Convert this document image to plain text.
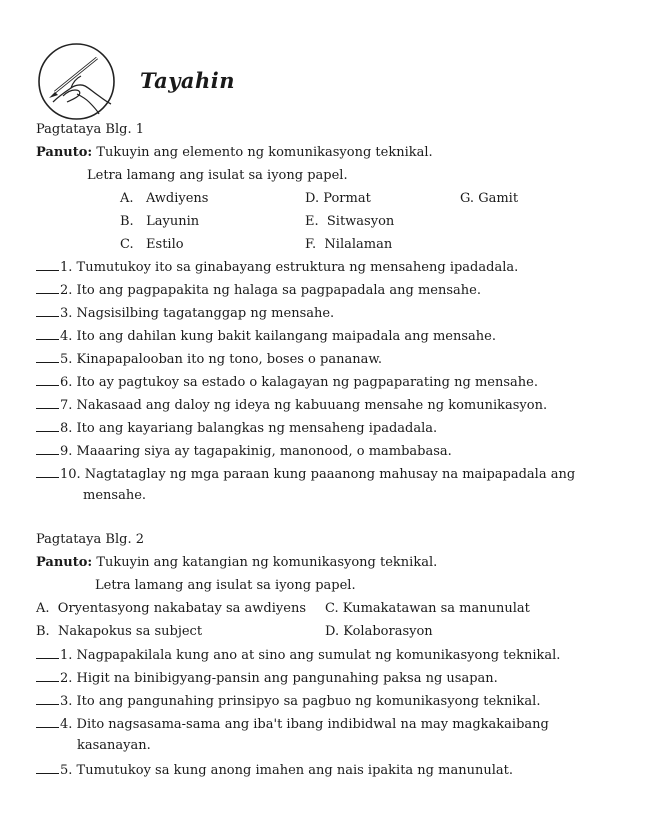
Tayahin
Pagtataya Blg. 1
Panuto: Tukuyin ang elemento ng komunikasyong teknikal.
Letra lamang ang isulat sa iyong papel.
A. Awdiyens
B. Layunin
C. Estilo
D. Pormat
E. Sitwasyon
F. Nilalaman
G. Gamit
1. Tumutukoy ito sa ginabayang estruktura ng mensaheng ipadadala.
2. Ito ang pagpapakita ng halaga sa pagpapadala ang mensahe.
3. Nagsisilbing tagatanggap ng mensahe.
4. Ito ang dahilan kung bakit kailangang maipadala ang mensahe.
5. Kinapapalooban ito ng tono, boses o pananaw.
6. Ito ay pagtukoy sa estado o kalagayan ng pagpaparating ng mensahe.
7. Nakasaad ang daloy ng ideya ng kabuuang mensahe ng komunikasyon.
8. Ito ang kayariang balangkas ng mensaheng ipadadala.
9. Maaaring siya ay tagapakinig, manonood, o mambabasa.
10. Nagtataglay ng mga paraan kung paaanong mahusay na maipapadala ang
mensahe.
Pagtataya Blg. 2
Panuto: Tukuyin ang katangian ng komunikasyong teknikal.
Letra lamang ang isulat sa iyong papel.
A. Oryentasyong nakabatay sa awdiyens
B. Nakapokus sa subject
C. Kumakatawan sa manunulat
D. Kolaborasyon
1. Nagpapakilala kung ano at sino ang sumulat ng komunikasyong teknikal.
2. Higit na binibigyang-pansin ang pangunahing paksa ng usapan.
3. Ito ang pangunahing prinsipyo sa pagbuo ng komunikasyong teknikal.
4. Dito nagsasama-sama ang iba't ibang indibidwal na may magkakaibang
kasanayan.
5. Tumutukoy sa kung anong imahen ang nais ipakita ng manunulat.
